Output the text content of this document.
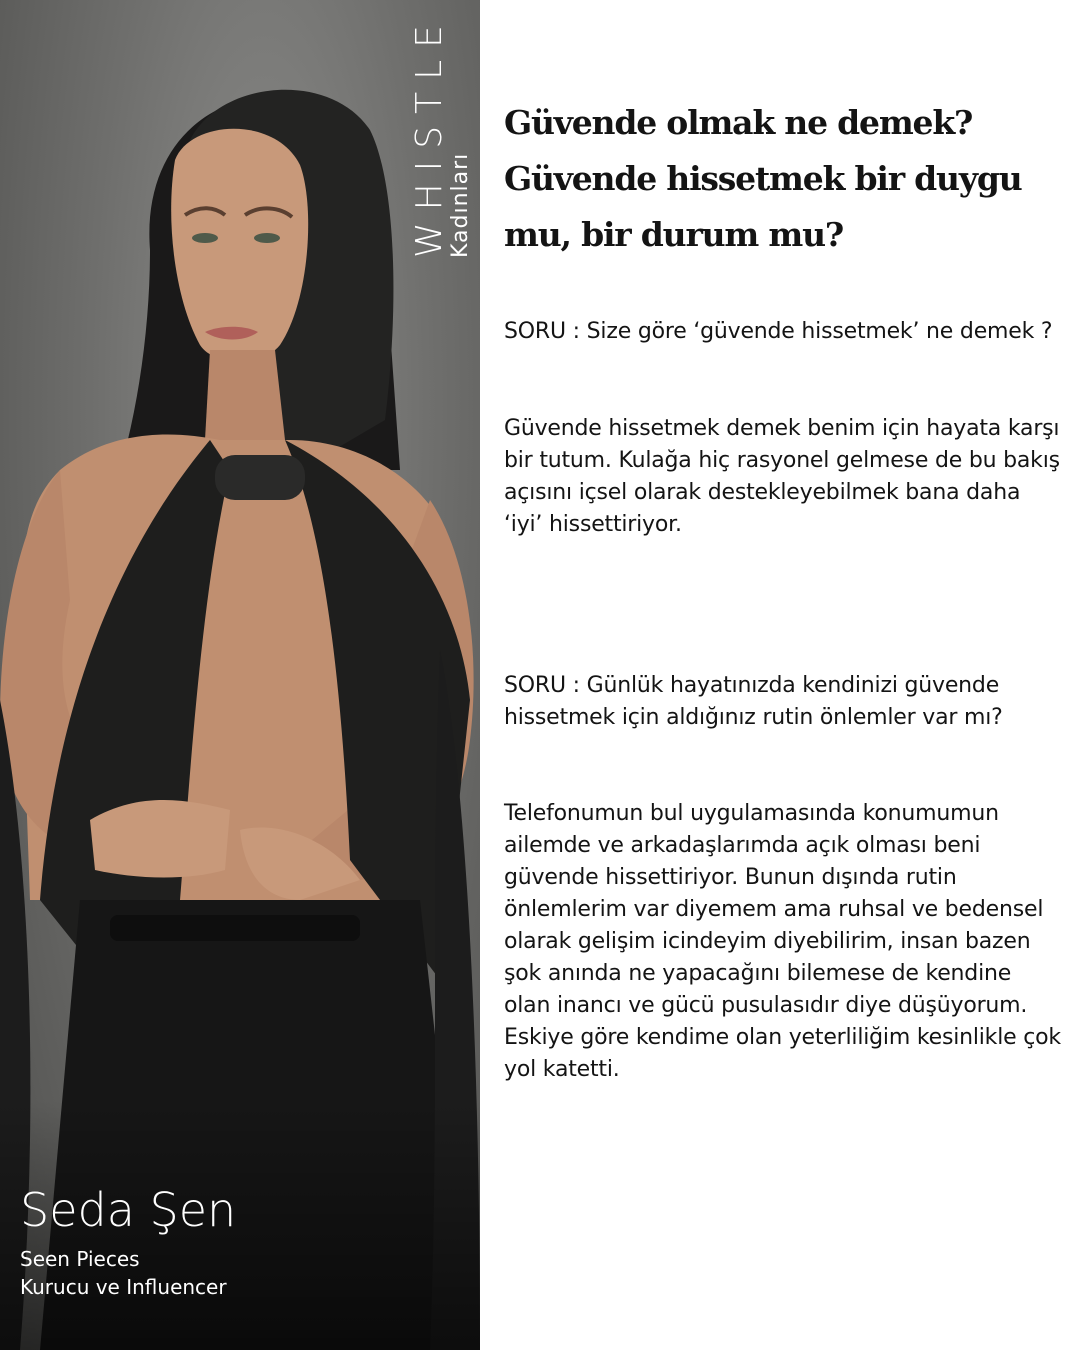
WHISTLE
Kadınları
Seda Şen
Seen Pieces
Kurucu ve Influencer
Güvende olmak ne demek? Güvende hissetmek bir duygu mu, bir durum mu?

SORU : Size göre ‘güvende hissetmek’ ne demek ?

Güvende hissetmek demek benim için hayata karşı bir tutum. Kulağa hiç rasyonel gelmese de bu bakış açısını içsel olarak destekleyebilmek bana daha ‘iyi’ hissettiriyor.

SORU : Günlük hayatınızda kendinizi güvende hissetmek için aldığınız rutin önlemler var mı?

Telefonumun bul uygulamasında konumumun ailemde ve arkadaşlarımda açık olması beni güvende hissettiriyor. Bunun dışında rutin önlemlerim var diyemem ama ruhsal ve bedensel olarak gelişim icindeyim diyebilirim, insan bazen şok anında ne yapacağını bilemese de kendine olan inancı ve gücü pusulasıdır diye düşüyorum. Eskiye göre kendime olan yeterliliğim kesinlikle çok yol katetti.
